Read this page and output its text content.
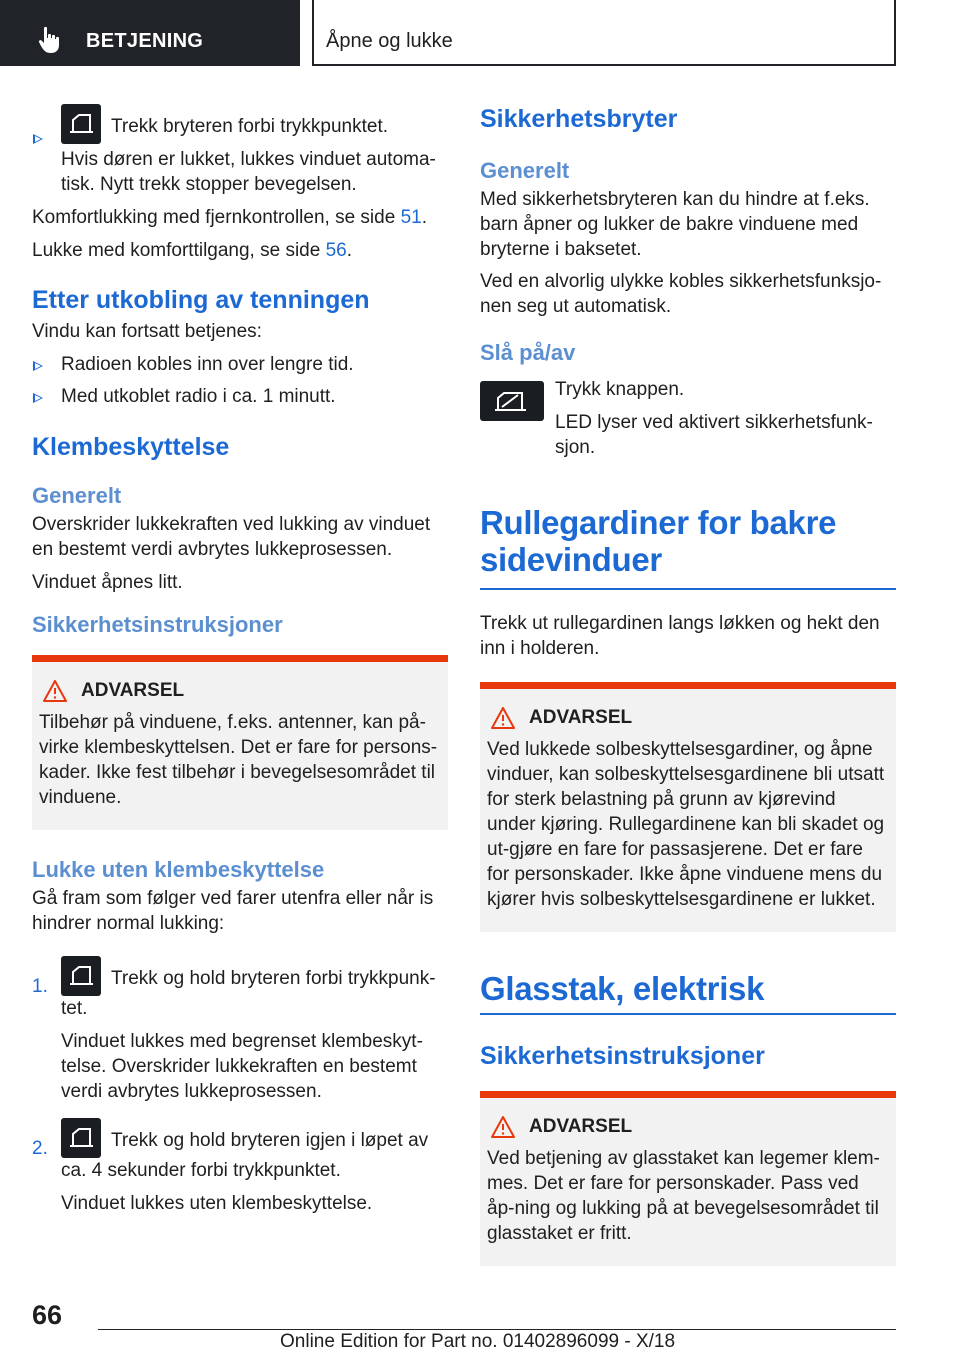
BETJENING	Åpne og lukke
Trekk bryteren forbi trykkpunktet.
Hvis døren er lukket, lukkes vinduet automa-tisk. Nytt trekk stopper bevegelsen.
Komfortlukking med fjernkontrollen, se side 51.
Lukke med komforttilgang, se side 56.
Etter utkobling av tenningen
Vindu kan fortsatt betjenes:
Radioen kobles inn over lengre tid.
Med utkoblet radio i ca. 1 minutt.
Klembeskyttelse
Generelt
Overskrider lukkekraften ved lukking av vinduet en bestemt verdi avbrytes lukkeprosessen.
Vinduet åpnes litt.
Sikkerhetsinstruksjoner
ADVARSEL
Tilbehør på vinduene, f.eks. antenner, kan på-virke klembeskyttelsen. Det er fare for persons-kader. Ikke fest tilbehør i bevegelsesområdet til vinduene.
Lukke uten klembeskyttelse
Gå fram som følger ved farer utenfra eller når is hindrer normal lukking:
1.	Trekk og hold bryteren forbi trykkpunk-tet.
Vinduet lukkes med begrenset klembeskyt-telse. Overskrider lukkekraften en bestemt verdi avbrytes lukkeprosessen.
2.	Trekk og hold bryteren igjen i løpet av ca. 4 sekunder forbi trykkpunktet.
Vinduet lukkes uten klembeskyttelse.
Sikkerhetsbryter
Generelt
Med sikkerhetsbryteren kan du hindre at f.eks. barn åpner og lukker de bakre vinduene med bryterne i baksetet.
Ved en alvorlig ulykke kobles sikkerhetsfunksjo-nen seg ut automatisk.
Slå på/av
Trykk knappen.
LED lyser ved aktivert sikkerhetsfunk-sjon.
Rullegardiner for bakre sidevinduer
Trekk ut rullegardinen langs løkken og hekt den inn i holderen.
ADVARSEL
Ved lukkede solbeskyttelsesgardiner, og åpne vinduer, kan solbeskyttelsesgardinene bli utsatt for sterk belastning på grunn av kjørevind under kjøring. Rullegardinene kan bli skadet og ut-gjøre en fare for passasjerene. Det er fare for personskader. Ikke åpne vinduene mens du kjører hvis solbeskyttelsesgardinene er lukket.
Glasstak, elektrisk
Sikkerhetsinstruksjoner
ADVARSEL
Ved betjening av glasstaket kan legemer klem-mes. Det er fare for personskader. Pass ved åp-ning og lukking på at bevegelsesområdet til glasstaket er fritt.
66
Online Edition for Part no. 01402896099 - X/18
